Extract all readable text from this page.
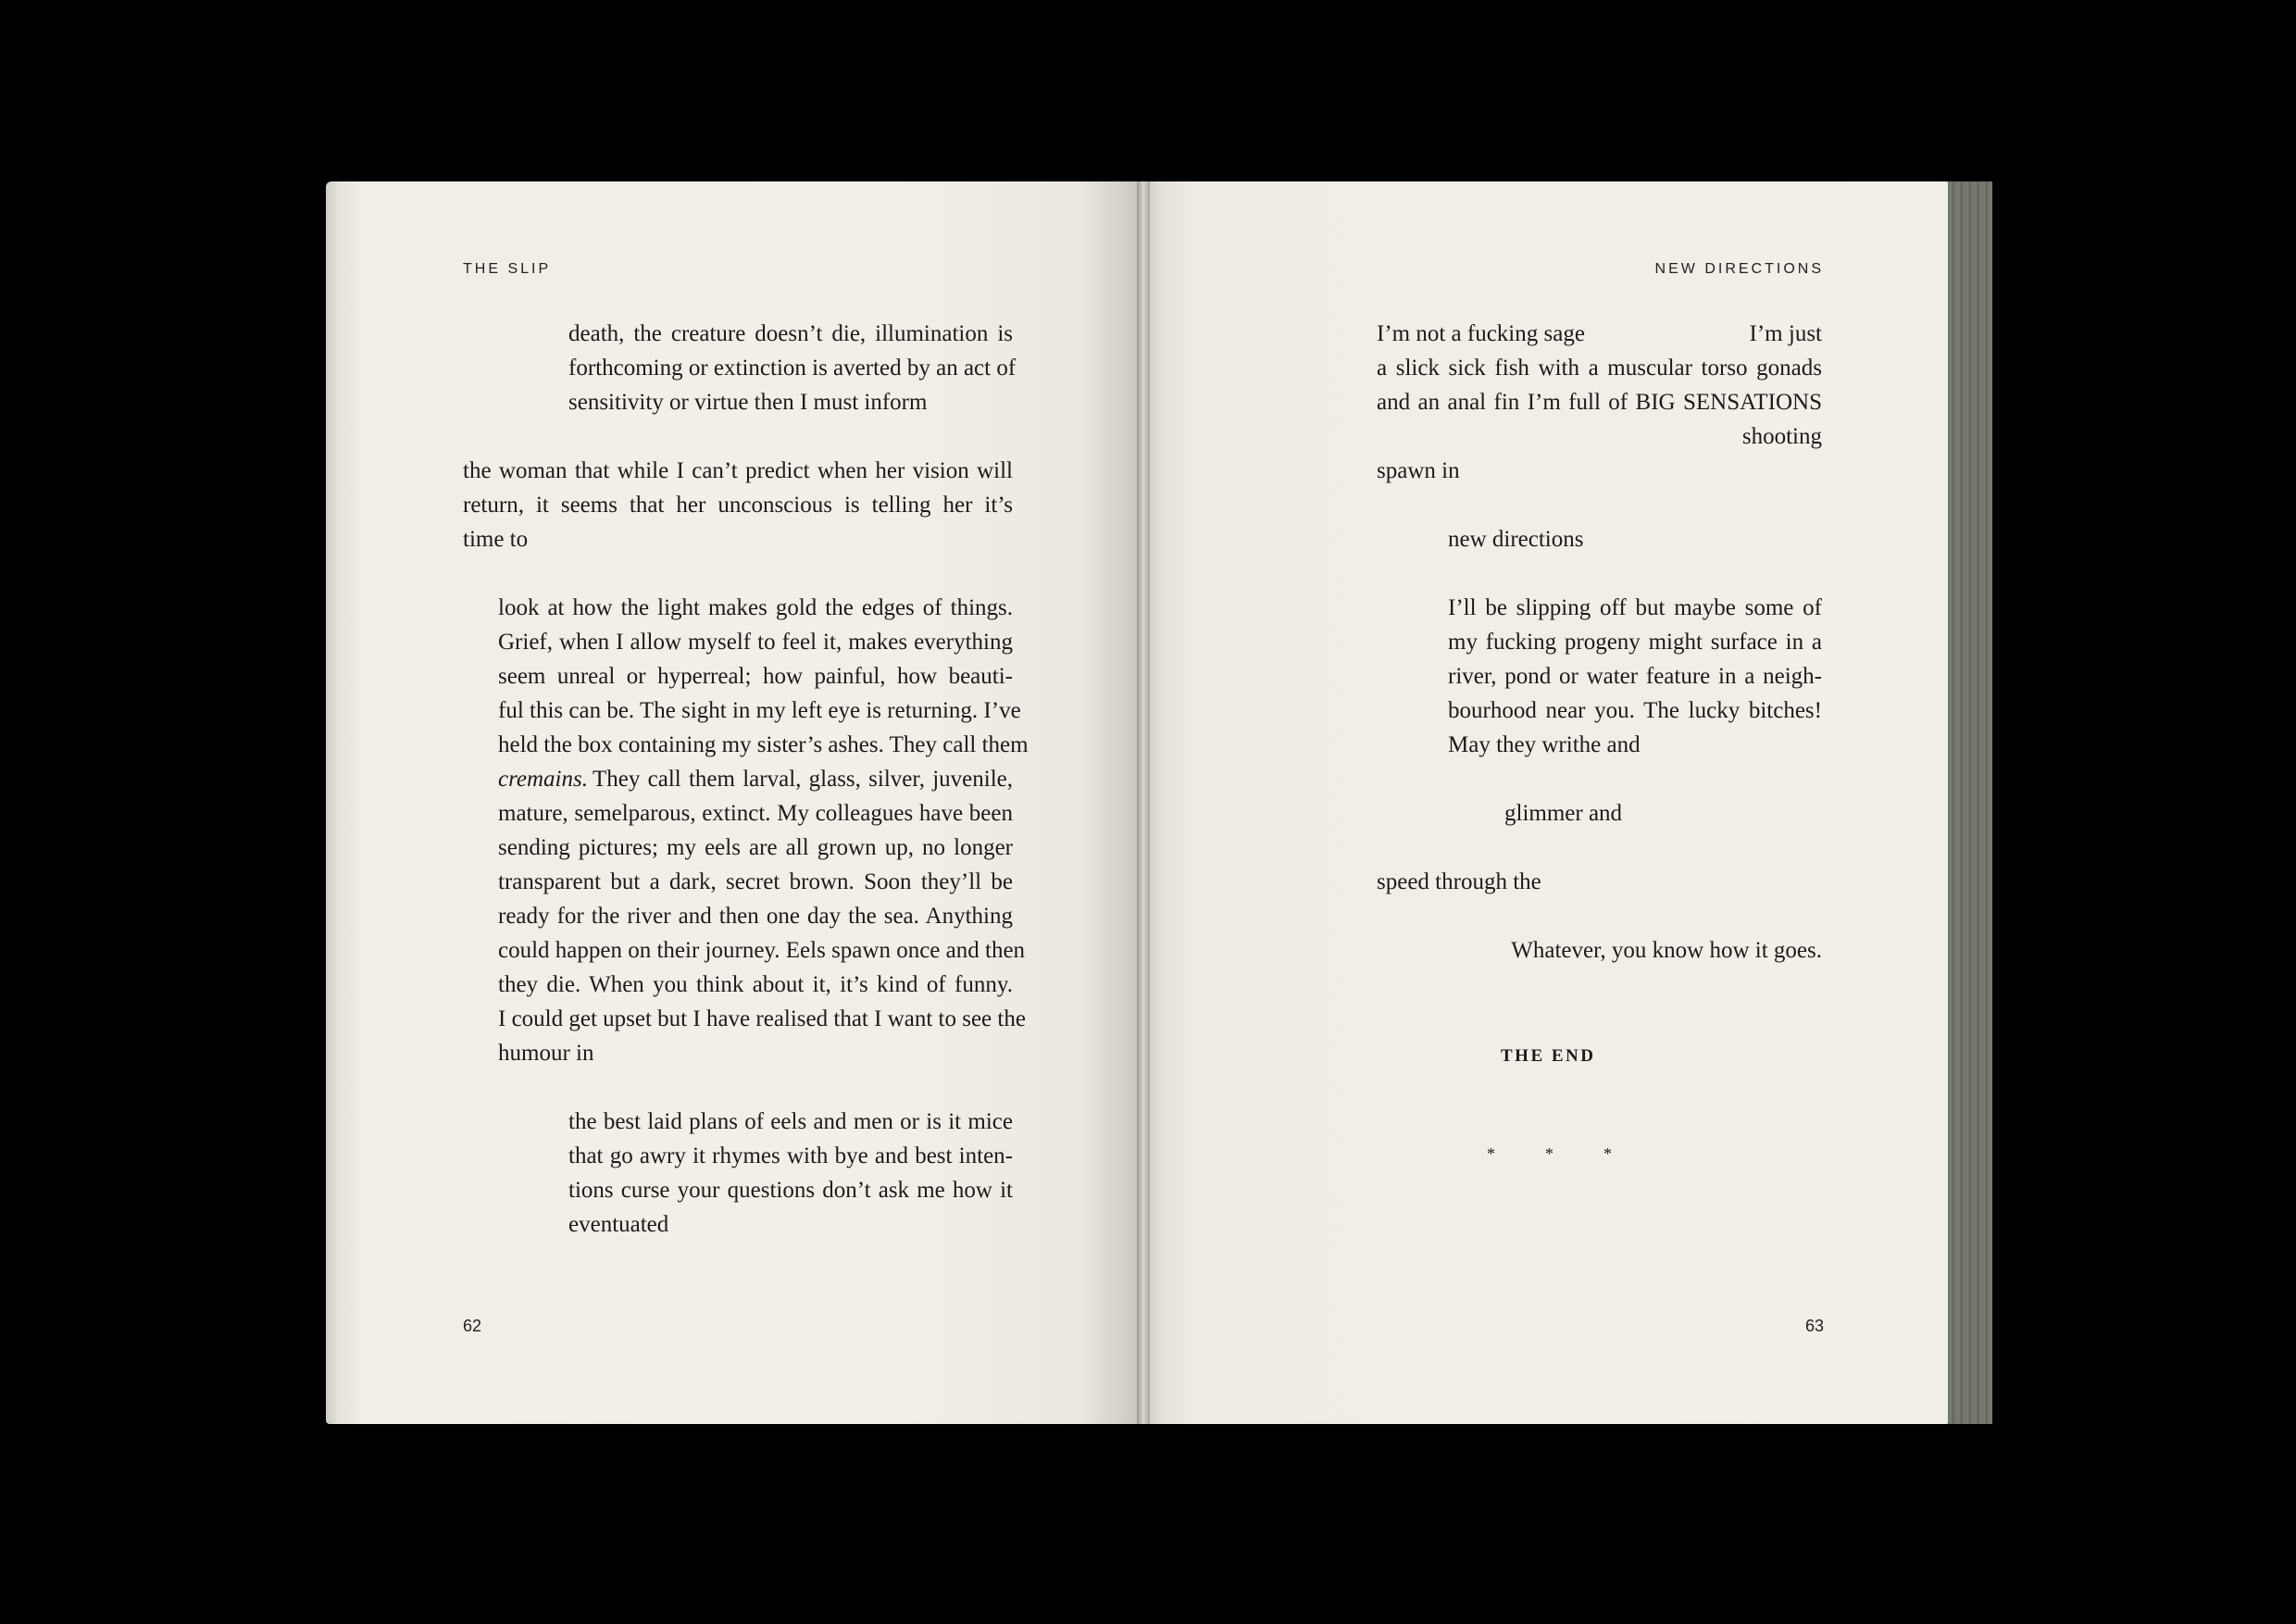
THE SLIP
death, the creature doesn’t die, illumination is
forthcoming or extinction is averted by an act of
sensitivity or virtue then I must inform
the woman that while I can’t predict when her vision will
return, it seems that her unconscious is telling her it’s
time to
look at how the light makes gold the edges of things.
Grief, when I allow myself to feel it, makes everything
seem unreal or hyperreal; how painful, how beauti-
ful this can be. The sight in my left eye is returning. I’ve
held the box containing my sister’s ashes. They call them
cremains. They call them larval, glass, silver, juvenile,
mature, semelparous, extinct. My colleagues have been
sending pictures; my eels are all grown up, no longer
transparent but a dark, secret brown. Soon they’ll be
ready for the river and then one day the sea. Anything
could happen on their journey. Eels spawn once and then
they die. When you think about it, it’s kind of funny.
I could get upset but I have realised that I want to see the
humour in
the best laid plans of eels and men or is it mice
that go awry it rhymes with bye and best inten-
tions curse your questions don’t ask me how it
eventuated
62
NEW DIRECTIONS
I’m not a fucking sage	I’m just
a slick sick fish with a muscular torso gonads
and an anal fin I’m full of BIG SENSATIONS
shooting
spawn in
new directions
I’ll be slipping off but maybe some of
my fucking progeny might surface in a
river, pond or water feature in a neigh-
bourhood near you. The lucky bitches!
May they writhe and
glimmer and
speed through the
Whatever, you know how it goes.
THE END
*	*	*
63
